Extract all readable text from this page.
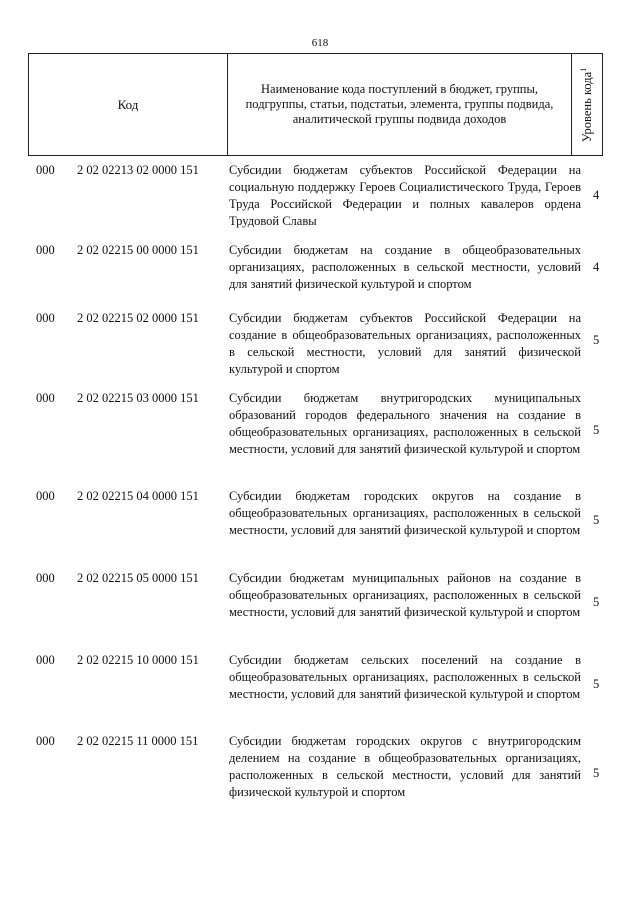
618
Код
Наименование кода поступлений в бюджет, группы, подгруппы, статьи, подстатьи, элемента, группы подвида, аналитической группы подвида доходов	Уровень кода$^1$
000 2 02 02213 02 0000 151 Субсидии бюджетам субъектов Российской Федерации на социальную поддержку Героев Социалистического Труда, Героев Труда Российской Федерации и полных кавалеров ордена Трудовой Славы
4
000 2 02 02215 00 0000 151 Субсидии бюджетам на создание в общеобразовательных организациях, расположенных в сельской местности, условий для занятий физической культурой и спортом
4
000 2 02 02215 02 0000 151 Субсидии бюджетам субъектов Российской Федерации на создание в общеобразовательных организациях, расположенных в сельской местности, условий для занятий физической культурой и спортом
5
000 2 02 02215 03 0000 151 Субсидии бюджетам внутригородских муниципальных образований городов федерального значения на создание в общеобразовательных организациях, расположенных в сельской местности, условий для занятий физической культурой и спортом
5
000 2 02 02215 04 0000 151 Субсидии бюджетам городских округов на создание в общеобразовательных организациях, расположенных в сельской местности, условий для занятий физической культурой и спортом
5
000 2 02 02215 05 0000 151 Субсидии бюджетам муниципальных районов на создание в общеобразовательных организациях, расположенных в сельской местности, условий для занятий физической культурой и спортом
5
000 2 02 02215 10 0000 151 Субсидии бюджетам сельских поселений на создание в общеобразовательных организациях, расположенных в сельской местности, условий для занятий физической культурой и спортом
5
000 2 02 02215 11 0000 151 Субсидии бюджетам городских округов с внутригородским делением на создание в общеобразовательных организациях, расположенных в сельской местности, условий для занятий физической культурой и спортом
5
